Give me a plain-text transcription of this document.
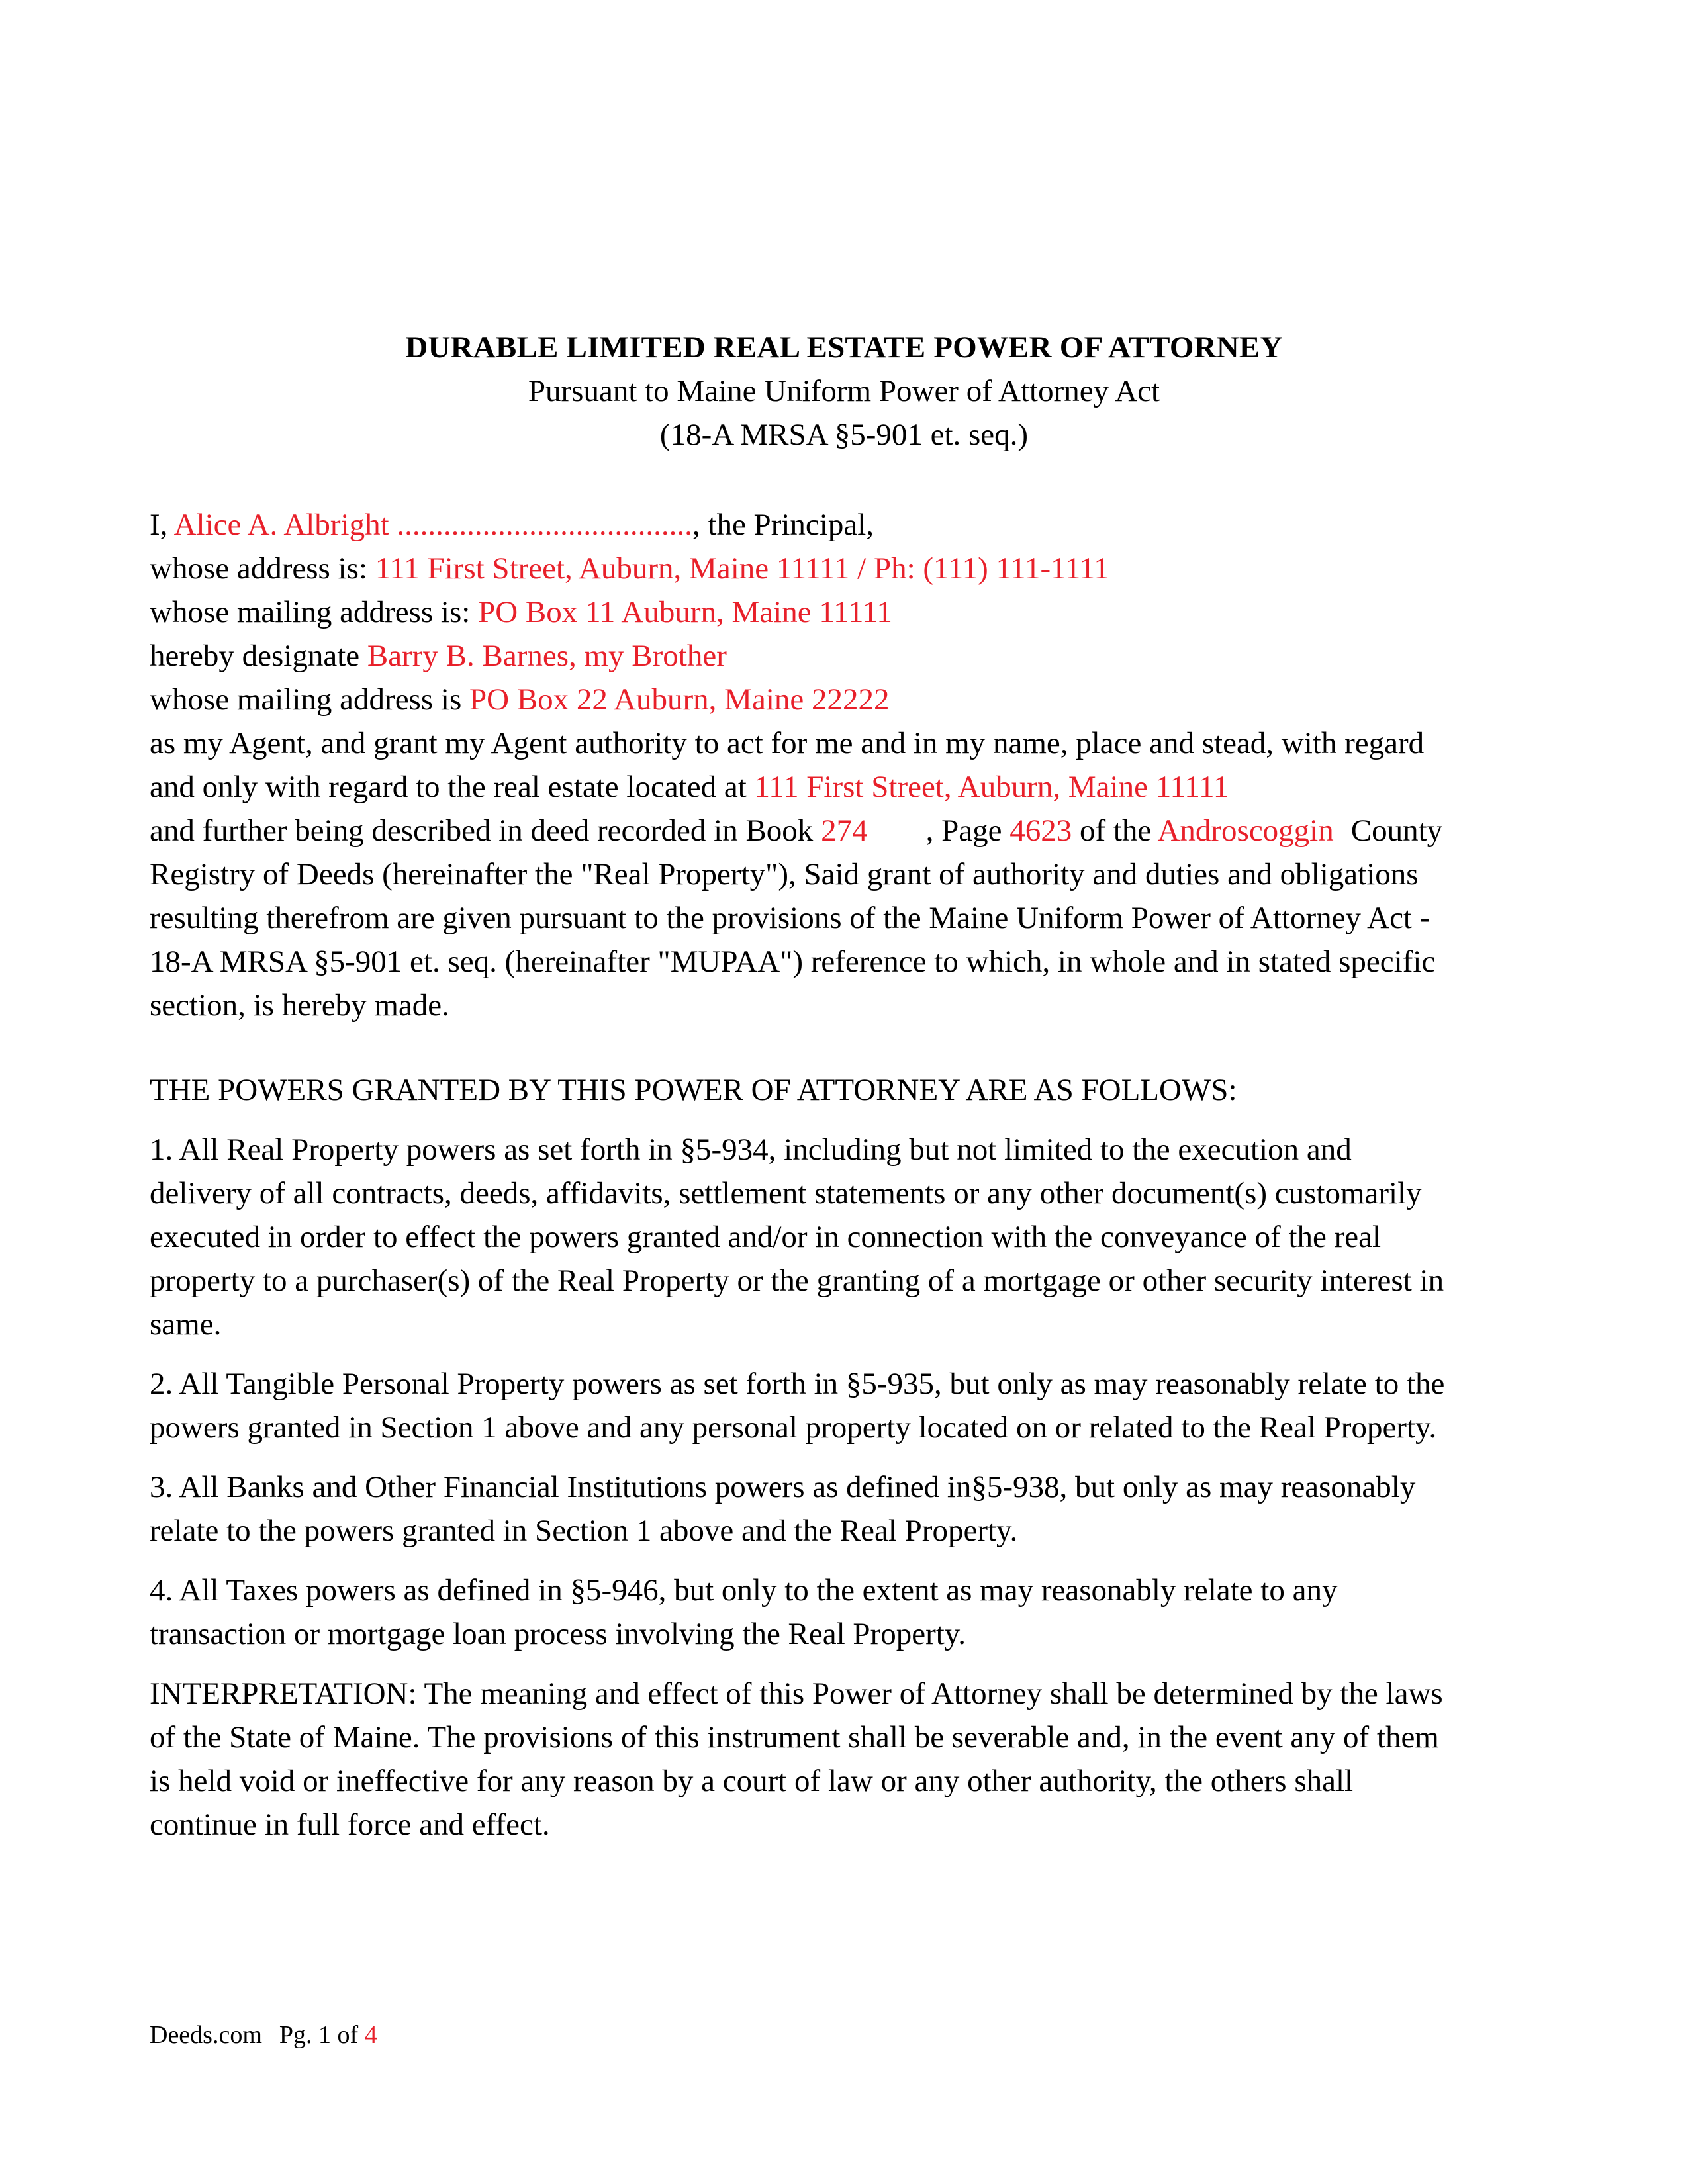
DURABLE LIMITED REAL ESTATE POWER OF ATTORNEY
Pursuant to Maine Uniform Power of Attorney Act
(18-A MRSA §5-901 et. seq.)
I, Alice A. Albright ......................................, the Principal,
whose address is: 111 First Street, Auburn, Maine 11111 / Ph: (111) 111-1111
whose mailing address is: PO Box 11 Auburn, Maine 11111
hereby designate Barry B. Barnes, my Brother
whose mailing address is PO Box 22 Auburn, Maine 22222
as my Agent, and grant my Agent authority to act for me and in my name, place and stead, with regard
and only with regard to the real estate located at 111 First Street, Auburn, Maine 11111
and further being described in deed recorded in Book 274 , Page 4623 of the Androscoggin County
Registry of Deeds (hereinafter the "Real Property"), Said grant of authority and duties and obligations
resulting therefrom are given pursuant to the provisions of the Maine Uniform Power of Attorney Act -
18-A MRSA §5-901 et. seq. (hereinafter "MUPAA") reference to which, in whole and in stated specific
section, is hereby made.
THE POWERS GRANTED BY THIS POWER OF ATTORNEY ARE AS FOLLOWS:
1. All Real Property powers as set forth in §5-934, including but not limited to the execution and
delivery of all contracts, deeds, affidavits, settlement statements or any other document(s) customarily
executed in order to effect the powers granted and/or in connection with the conveyance of the real
property to a purchaser(s) of the Real Property or the granting of a mortgage or other security interest in
same.
2. All Tangible Personal Property powers as set forth in §5-935, but only as may reasonably relate to the
powers granted in Section 1 above and any personal property located on or related to the Real Property.
3. All Banks and Other Financial Institutions powers as defined in§5-938, but only as may reasonably
relate to the powers granted in Section 1 above and the Real Property.
4. All Taxes powers as defined in §5-946, but only to the extent as may reasonably relate to any
transaction or mortgage loan process involving the Real Property.
INTERPRETATION: The meaning and effect of this Power of Attorney shall be determined by the laws
of the State of Maine. The provisions of this instrument shall be severable and, in the event any of them
is held void or ineffective for any reason by a court of law or any other authority, the others shall
continue in full force and effect.
Deeds.com Pg. 1 of 4
